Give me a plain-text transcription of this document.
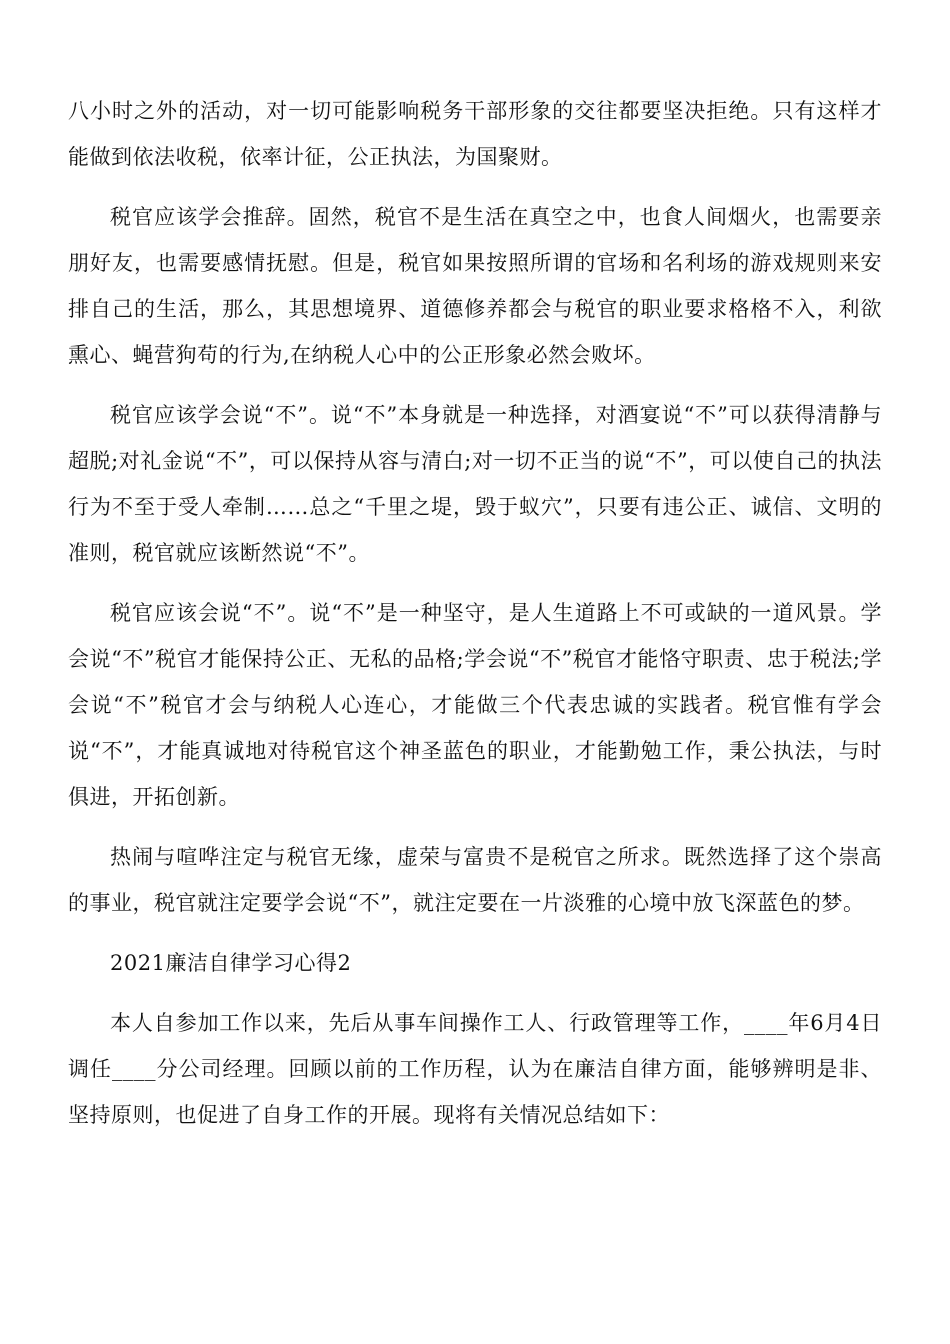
八小时之外的活动，对一切可能影响税务干部形象的交往都要坚决拒绝。只有这样才能做到依法收税，依率计征，公正执法，为国聚财。

税官应该学会推辞。固然，税官不是生活在真空之中，也食人间烟火，也需要亲朋好友，也需要感情抚慰。但是，税官如果按照所谓的官场和名利场的游戏规则来安排自己的生活，那么，其思想境界、道德修养都会与税官的职业要求格格不入，利欲熏心、蝇营狗苟的行为,在纳税人心中的公正形象必然会败坏。

税官应该学会说“不”。说“不”本身就是一种选择，对酒宴说“不”可以获得清静与超脱;对礼金说“不”，可以保持从容与清白;对一切不正当的说“不”，可以使自己的执法行为不至于受人牵制……总之“千里之堤，毁于蚁穴”，只要有违公正、诚信、文明的准则，税官就应该断然说“不”。

税官应该会说“不”。说“不”是一种坚守，是人生道路上不可或缺的一道风景。学会说“不”税官才能保持公正、无私的品格;学会说“不”税官才能恪守职责、忠于税法;学会说“不”税官才会与纳税人心连心，才能做三个代表忠诚的实践者。税官惟有学会说“不”，才能真诚地对待税官这个神圣蓝色的职业，才能勤勉工作，秉公执法，与时俱进，开拓创新。

热闹与喧哗注定与税官无缘，虚荣与富贵不是税官之所求。既然选择了这个崇高的事业，税官就注定要学会说“不”，就注定要在一片淡雅的心境中放飞深蓝色的梦。

2021廉洁自律学习心得2

本人自参加工作以来，先后从事车间操作工人、行政管理等工作，____年6月4日调任____分公司经理。回顾以前的工作历程，认为在廉洁自律方面，能够辨明是非、坚持原则，也促进了自身工作的开展。现将有关情况总结如下：
